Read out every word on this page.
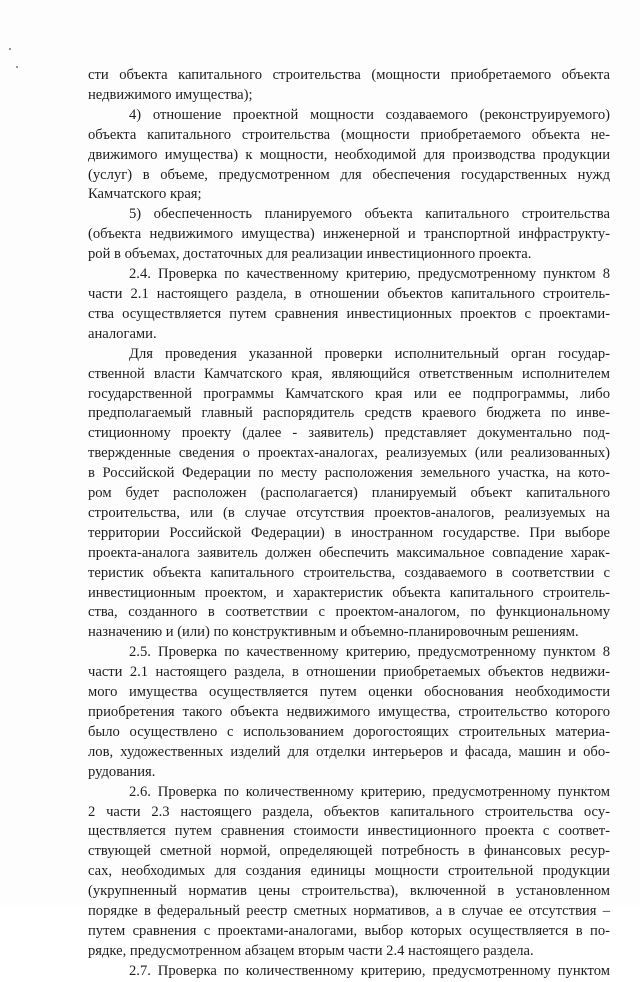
сти объекта капитального строительства (мощности приобретаемого объекта
недвижимого имущества);
4) отношение проектной мощности создаваемого (реконструируемого)
объекта капитального строительства (мощности приобретаемого объекта не-
движимого имущества) к мощности, необходимой для производства продукции
(услуг) в объеме, предусмотренном для обеспечения государственных нужд
Камчатского края;
5) обеспеченность планируемого объекта капитального строительства
(объекта недвижимого имущества) инженерной и транспортной инфраструкту-
рой в объемах, достаточных для реализации инвестиционного проекта.
2.4. Проверка по качественному критерию, предусмотренному пунктом 8
части 2.1 настоящего раздела, в отношении объектов капитального строитель-
ства осуществляется путем сравнения инвестиционных проектов с проектами-
аналогами.
Для проведения указанной проверки исполнительный орган государ-
ственной власти Камчатского края, являющийся ответственным исполнителем
государственной программы Камчатского края или ее подпрограммы, либо
предполагаемый главный распорядитель средств краевого бюджета по инве-
стиционному проекту (далее - заявитель) представляет документально под-
твержденные сведения о проектах-аналогах, реализуемых (или реализованных)
в Российской Федерации по месту расположения земельного участка, на кото-
ром будет расположен (располагается) планируемый объект капитального
строительства, или (в случае отсутствия проектов-аналогов, реализуемых на
территории Российской Федерации) в иностранном государстве. При выборе
проекта-аналога заявитель должен обеспечить максимальное совпадение харак-
теристик объекта капитального строительства, создаваемого в соответствии с
инвестиционным проектом, и характеристик объекта капитального строитель-
ства, созданного в соответствии с проектом-аналогом, по функциональному
назначению и (или) по конструктивным и объемно-планировочным решениям.
2.5. Проверка по качественному критерию, предусмотренному пунктом 8
части 2.1 настоящего раздела, в отношении приобретаемых объектов недвижи-
мого имущества осуществляется путем оценки обоснования необходимости
приобретения такого объекта недвижимого имущества, строительство которого
было осуществлено с использованием дорогостоящих строительных материа-
лов, художественных изделий для отделки интерьеров и фасада, машин и обо-
рудования.
2.6. Проверка по количественному критерию, предусмотренному пунктом
2 части 2.3 настоящего раздела, объектов капитального строительства осу-
ществляется путем сравнения стоимости инвестиционного проекта с соответ-
ствующей сметной нормой, определяющей потребность в финансовых ресур-
сах, необходимых для создания единицы мощности строительной продукции
(укрупненный норматив цены строительства), включенной в установленном
порядке в федеральный реестр сметных нормативов, а в случае ее отсутствия –
путем сравнения с проектами-аналогами, выбор которых осуществляется в по-
рядке, предусмотренном абзацем вторым части 2.4 настоящего раздела.
2.7. Проверка по количественному критерию, предусмотренному пунктом
